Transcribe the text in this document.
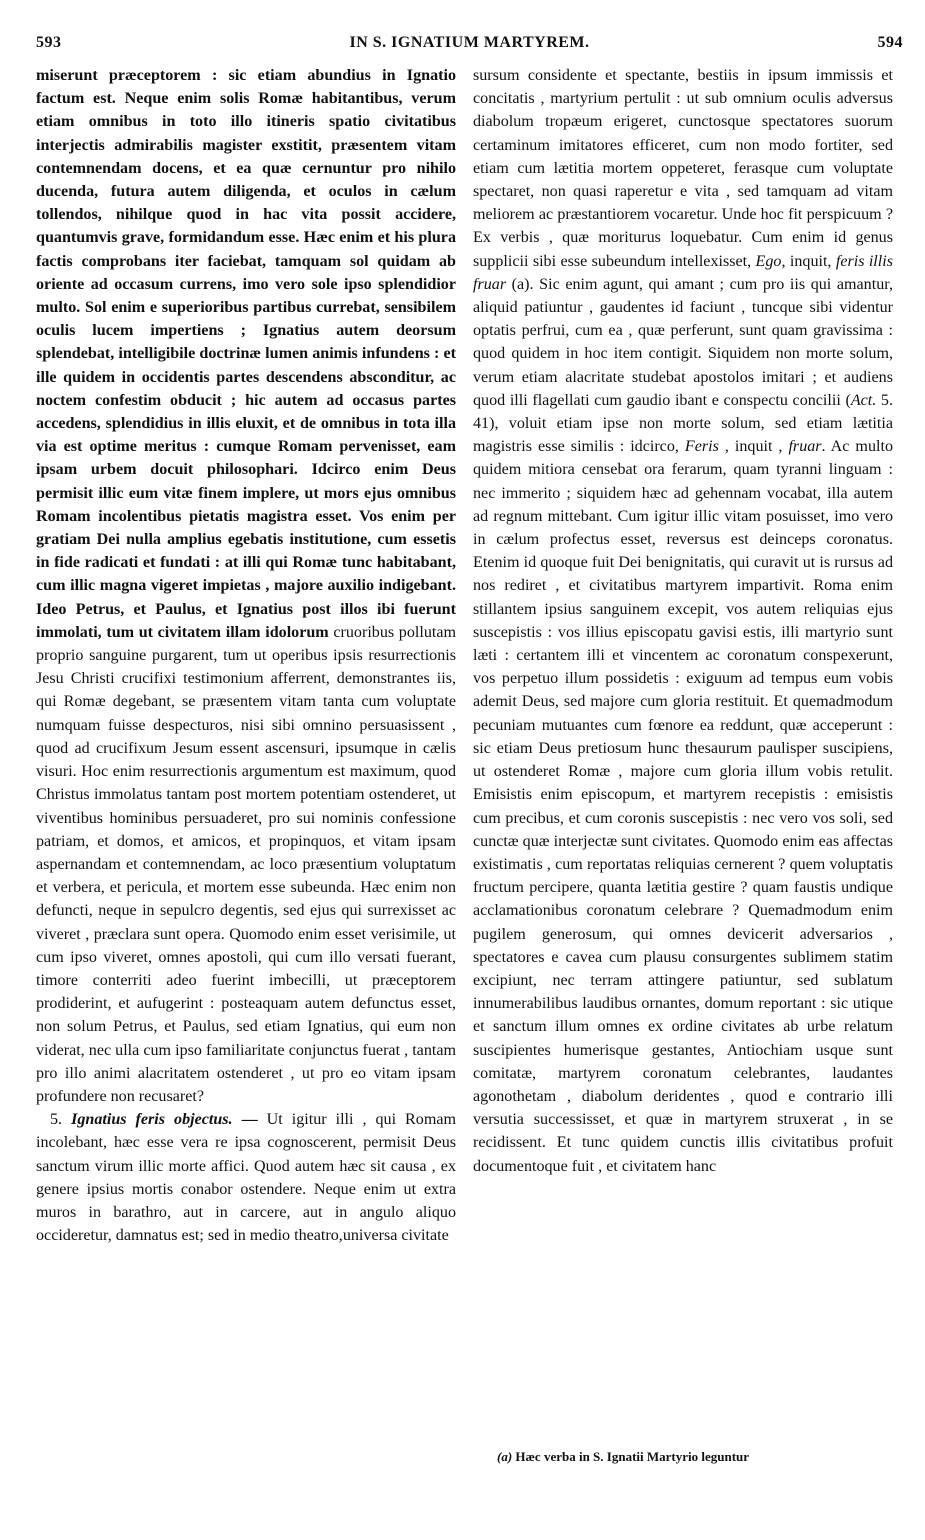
593	IN S. IGNATIUM MARTYREM.	594

miserunt præceptorem : sic etiam abundius in Ignatio factum est. Neque enim solis Romæ habitantibus, verum etiam omnibus in toto illo itineris spatio civitatibus interjectis admirabilis magister exstitit, præsentem vitam contemnendam docens, et ea quæ cernuntur pro nihilo ducenda, futura autem diligenda, et oculos in cælum tollendos, nihilque quod in hac vita possit accidere, quantumvis grave, formidandum esse. Hæc enim et his plura factis comprobans iter faciebat, tamquam sol quidam ab oriente ad occasum currens, imo vero sole ipso splendidior multo. Sol enim e superioribus partibus currebat, sensibilem oculis lucem impertiens ; Ignatius autem deorsum splendebat, intelligibile doctrinæ lumen animis infundens : et ille quidem in occidentis partes descendens absconditur, ac noctem confestim obducit ; hic autem ad occasus partes accedens, splendidius in illis eluxit, et de omnibus in tota illa via est optime meritus : cumque Romam pervenisset, eam ipsam urbem docuit philosophari. Idcirco enim Deus permisit illic eum vitæ finem implere, ut mors ejus omnibus Romam incolentibus pietatis magistra esset. Vos enim per gratiam Dei nulla amplius egebatis institutione, cum essetis in fide radicati et fundati : at illi qui Romæ tunc habitabant, cum illic magna vigeret impietas , majore auxilio indigebant. Ideo Petrus, et Paulus, et Ignatius post illos ibi fuerunt immolati, tum ut civitatem illam idolorum cruoribus pollutam proprio sanguine purgarent, tum ut operibus ipsis resurrectionis Jesu Christi crucifixi testimonium afferrent, demonstrantes iis, qui Romæ degebant, se præsentem vitam tanta cum voluptate numquam fuisse despecturos, nisi sibi omnino persuasissent , quod ad crucifixum Jesum essent ascensuri, ipsumque in cælis visuri. Hoc enim resurrectionis argumentum est maximum, quod Christus immolatus tantam post mortem potentiam ostenderet, ut viventibus hominibus persuaderet, pro sui nominis confessione patriam, et domos, et amicos, et propinquos, et vitam ipsam aspernandam et contemnendam, ac loco præsentium voluptatum et verbera, et pericula, et mortem esse subeunda. Hæc enim non defuncti, neque in sepulcro degentis, sed ejus qui surrexisset ac viveret , præclara sunt opera. Quomodo enim esset verisimile, ut cum ipso viveret, omnes apostoli, qui cum illo versati fuerant, timore conterriti adeo fuerint imbecilli, ut præceptorem prodiderint, et aufugerint : posteaquam autem defunctus esset, non solum Petrus, et Paulus, sed etiam Ignatius, qui eum non viderat, nec ulla cum ipso familiaritate conjunctus fuerat , tantam pro illo animi alacritatem ostenderet , ut pro eo vitam ipsam profundere non recusaret?

5. Ignatius feris objectus. — Ut igitur illi , qui Romam incolebant, hæc esse vera re ipsa cognoscerent, permisit Deus sanctum virum illic morte affici. Quod autem hæc sit causa , ex genere ipsius mortis conabor ostendere. Neque enim ut extra muros in barathro, aut in carcere, aut in angulo aliquo occideretur, damnatus est; sed in medio theatro,universa civitate

sursum considente et spectante, bestiis in ipsum immissis et concitatis , martyrium pertulit : ut sub omnium oculis adversus diabolum tropæum erigeret, cunctosque spectatores suorum certaminum imitatores efficeret, cum non modo fortiter, sed etiam cum lætitia mortem oppeteret, ferasque cum voluptate spectaret, non quasi raperetur e vita , sed tamquam ad vitam meliorem ac præstantiorem vocaretur. Unde hoc fit perspicuum ? Ex verbis , quæ moriturus loquebatur. Cum enim id genus supplicii sibi esse subeundum intellexisset, Ego, inquit, feris illis fruar (a). Sic enim agunt, qui amant ; cum pro iis qui amantur, aliquid patiuntur , gaudentes id faciunt , tuncque sibi videntur optatis perfrui, cum ea , quæ perferunt, sunt quam gravissima : quod quidem in hoc item contigit. Siquidem non morte solum, verum etiam alacritate studebat apostolos imitari ; et audiens quod illi flagellati cum gaudio ibant e conspectu concilii (Act. 5. 41), voluit etiam ipse non morte solum, sed etiam lætitia magistris esse similis : idcirco, Feris , inquit , fruar. Ac multo quidem mitiora censebat ora ferarum, quam tyranni linguam : nec immerito ; siquidem hæc ad gehennam vocabat, illa autem ad regnum mittebant. Cum igitur illic vitam posuisset, imo vero in cælum profectus esset, reversus est deinceps coronatus. Etenim id quoque fuit Dei benignitatis, qui curavit ut is rursus ad nos rediret , et civitatibus martyrem impartivit. Roma enim stillantem ipsius sanguinem excepit, vos autem reliquias ejus suscepistis : vos illius episcopatu gavisi estis, illi martyrio sunt læti : certantem illi et vincentem ac coronatum conspexerunt, vos perpetuo illum possidetis : exiguum ad tempus eum vobis ademit Deus, sed majore cum gloria restituit. Et quemadmodum pecuniam mutuantes cum fœnore ea reddunt, quæ acceperunt : sic etiam Deus pretiosum hunc thesaurum paulisper suscipiens, ut ostenderet Romæ , majore cum gloria illum vobis retulit. Emisistis enim episcopum, et martyrem recepistis : emisistis cum precibus, et cum coronis suscepistis : nec vero vos soli, sed cunctæ quæ interjectæ sunt civitates. Quomodo enim eas affectas existimatis , cum reportatas reliquias cernerent ? quem voluptatis fructum percipere, quanta lætitia gestire ? quam faustis undique acclamationibus coronatum celebrare ? Quemadmodum enim pugilem generosum, qui omnes devicerit adversarios , spectatores e cavea cum plausu consurgentes sublimem statim excipiunt, nec terram attingere patiuntur, sed sublatum innumerabilibus laudibus ornantes, domum reportant : sic utique et sanctum illum omnes ex ordine civitates ab urbe relatum suscipientes humerisque gestantes, Antiochiam usque sunt comitatæ, martyrem coronatum celebrantes, laudantes agonothetam , diabolum deridentes , quod e contrario illi versutia successisset, et quæ in martyrem struxerat , in se recidissent. Et tunc quidem cunctis illis civitatibus profuit documentoque fuit , et civitatem hanc

(a) Hæc verba in S. Ignatii Martyrio leguntur
